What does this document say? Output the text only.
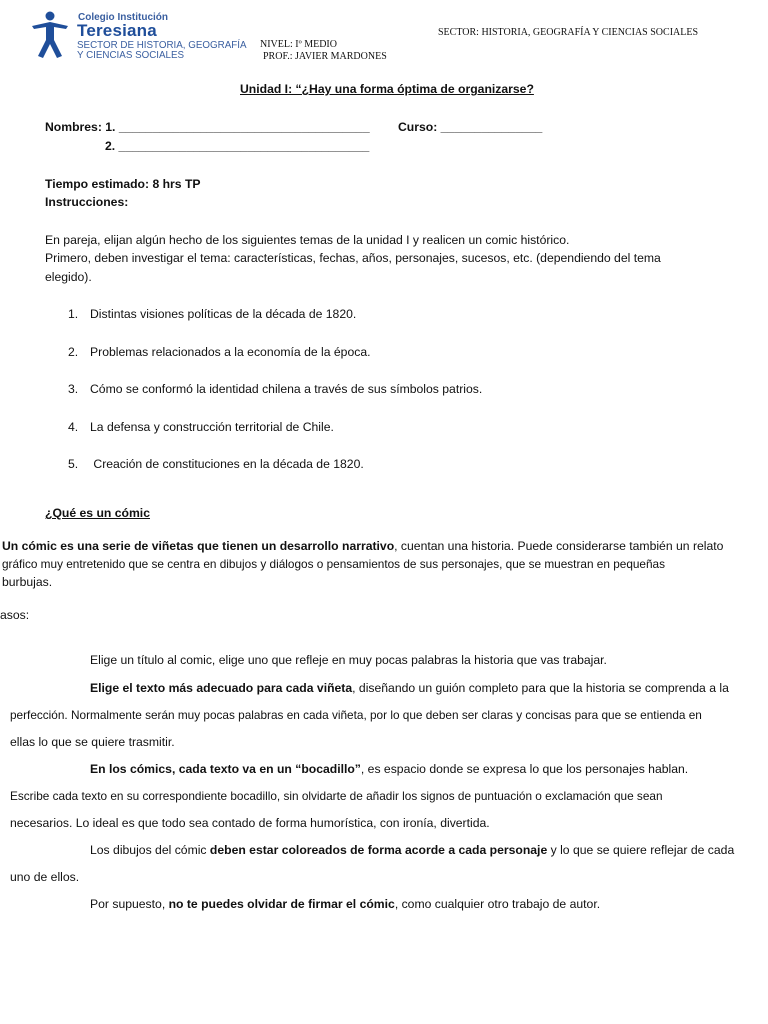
Colegio Institución
Teresiana
SECTOR DE HISTORIA, GEOGRAFÍA
Y CIENCIAS SOCIALES
NIVEL: Iº MEDIO
PROF.: JAVIER MARDONES
SECTOR: HISTORIA, GEOGRAFÍA Y CIENCIAS SOCIALES
Unidad I: “¿Hay una forma óptima de organizarse?
Nombres: 1. _____________________________________ Curso: _______________
2. _____________________________________
Tiempo estimado: 8 hrs TP
Instrucciones:
En pareja, elijan algún hecho de los siguientes temas de la unidad I y realicen un comic histórico.
Primero, deben investigar el tema: características, fechas, años, personajes, sucesos, etc. (dependiendo del tema
elegido).
1. Distintas visiones políticas de la década de 1820.
2. Problemas relacionados a la economía de la época.
3. Cómo se conformó la identidad chilena a través de sus símbolos patrios.
4. La defensa y construcción territorial de Chile.
5. Creación de constituciones en la década de 1820.
¿Qué es un cómic
Un cómic es una serie de viñetas que tienen un desarrollo narrativo, cuentan una historia. Puede considerarse también un relato
gráfico muy entretenido que se centra en dibujos y diálogos o pensamientos de sus personajes, que se muestran en pequeñas
burbujas.
asos:
Elige un título al comic, elige uno que refleje en muy pocas palabras la historia que vas trabajar.
Elige el texto más adecuado para cada viñeta, diseñando un guión completo para que la historia se comprenda a la
perfección. Normalmente serán muy pocas palabras en cada viñeta, por lo que deben ser claras y concisas para que se entienda en
ellas lo que se quiere trasmitir.
En los cómics, cada texto va en un “bocadillo”, es espacio donde se expresa lo que los personajes hablan.
Escribe cada texto en su correspondiente bocadillo, sin olvidarte de añadir los signos de puntuación o exclamación que sean
necesarios. Lo ideal es que todo sea contado de forma humorística, con ironía, divertida.
Los dibujos del cómic deben estar coloreados de forma acorde a cada personaje y lo que se quiere reflejar de cada
uno de ellos.
Por supuesto, no te puedes olvidar de firmar el cómic, como cualquier otro trabajo de autor.
